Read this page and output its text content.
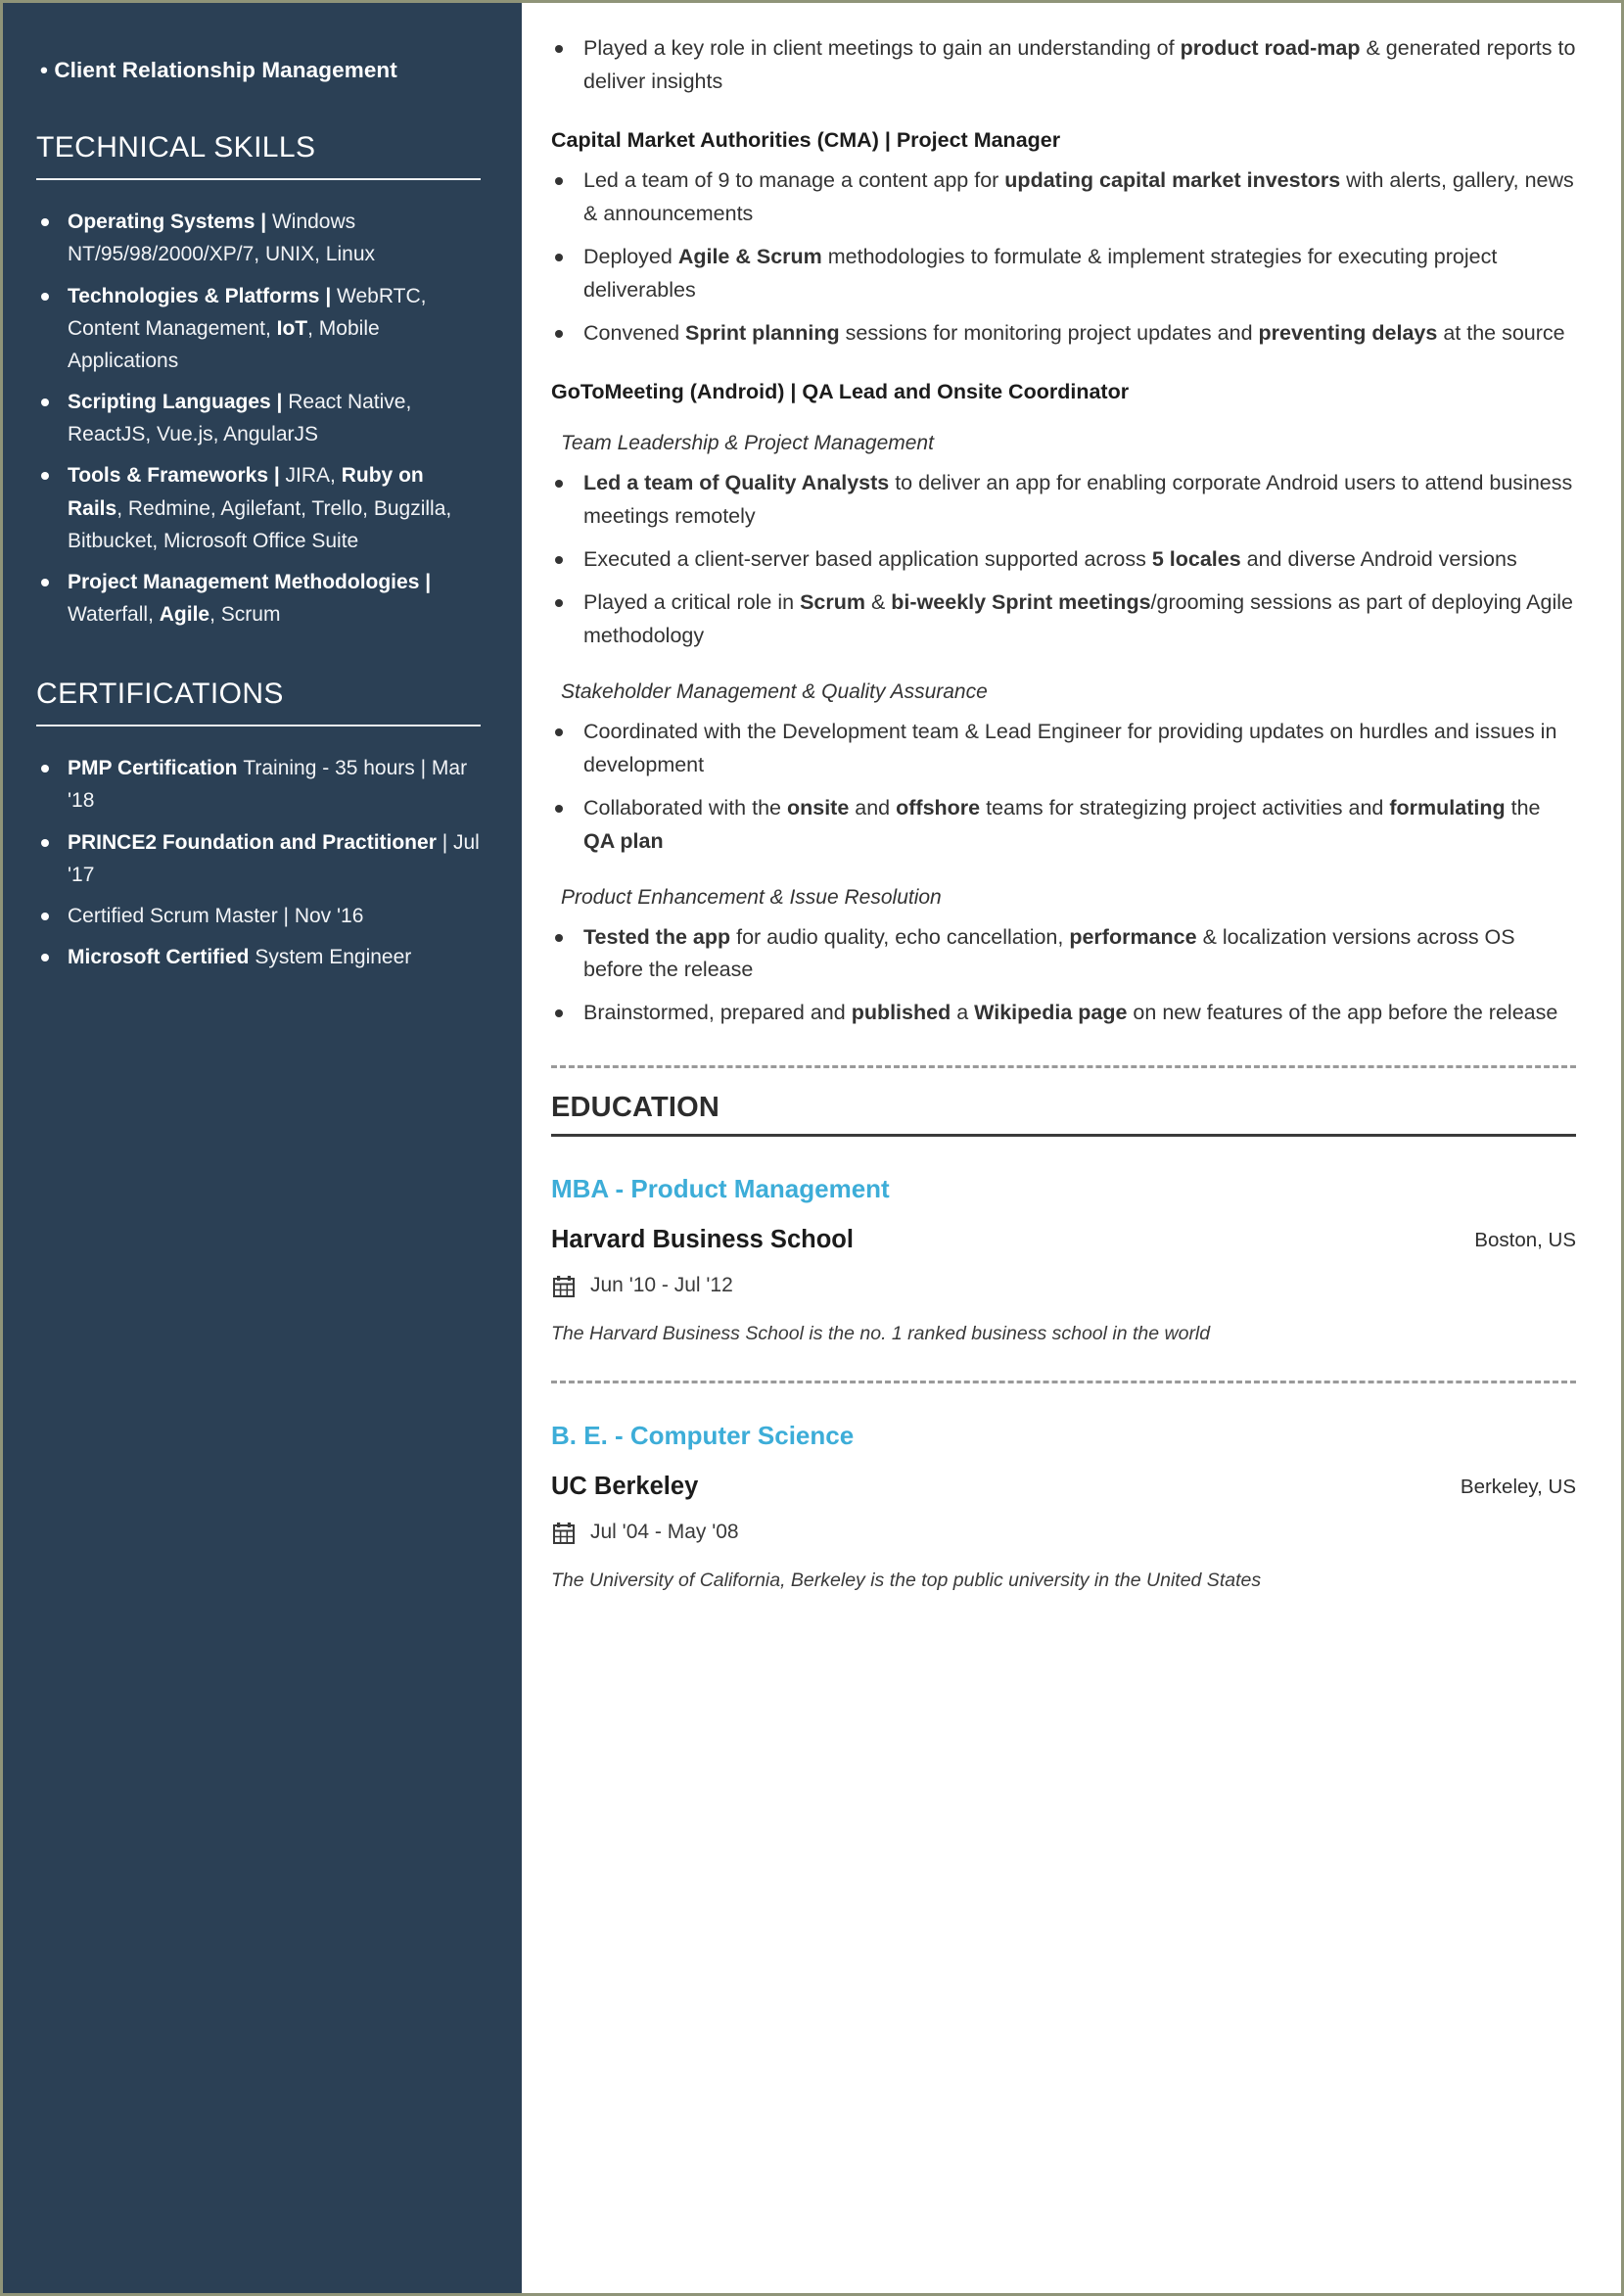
• Client Relationship Management
TECHNICAL SKILLS
Operating Systems | Windows NT/95/98/2000/XP/7, UNIX, Linux
Technologies & Platforms | WebRTC, Content Management, IoT, Mobile Applications
Scripting Languages | React Native, ReactJS, Vue.js, AngularJS
Tools & Frameworks | JIRA, Ruby on Rails, Redmine, Agilefant, Trello, Bugzilla, Bitbucket, Microsoft Office Suite
Project Management Methodologies | Waterfall, Agile, Scrum
CERTIFICATIONS
PMP Certification Training - 35 hours | Mar '18
PRINCE2 Foundation and Practitioner | Jul '17
Certified Scrum Master | Nov '16
Microsoft Certified System Engineer
Played a key role in client meetings to gain an understanding of product road-map & generated reports to deliver insights
Capital Market Authorities (CMA) | Project Manager
Led a team of 9 to manage a content app for updating capital market investors with alerts, gallery, news & announcements
Deployed Agile & Scrum methodologies to formulate & implement strategies for executing project deliverables
Convened Sprint planning sessions for monitoring project updates and preventing delays at the source
GoToMeeting (Android) | QA Lead and Onsite Coordinator
Team Leadership & Project Management
Led a team of Quality Analysts to deliver an app for enabling corporate Android users to attend business meetings remotely
Executed a client-server based application supported across 5 locales and diverse Android versions
Played a critical role in Scrum & bi-weekly Sprint meetings/grooming sessions as part of deploying Agile methodology
Stakeholder Management & Quality Assurance
Coordinated with the Development team & Lead Engineer for providing updates on hurdles and issues in development
Collaborated with the onsite and offshore teams for strategizing project activities and formulating the QA plan
Product Enhancement & Issue Resolution
Tested the app for audio quality, echo cancellation, performance & localization versions across OS before the release
Brainstormed, prepared and published a Wikipedia page on new features of the app before the release
EDUCATION
MBA - Product Management
Harvard Business School	Boston, US
Jun '10 - Jul '12
The Harvard Business School is the no. 1 ranked business school in the world
B. E. - Computer Science
UC Berkeley	Berkeley, US
Jul '04 - May '08
The University of California, Berkeley is the top public university in the United States
